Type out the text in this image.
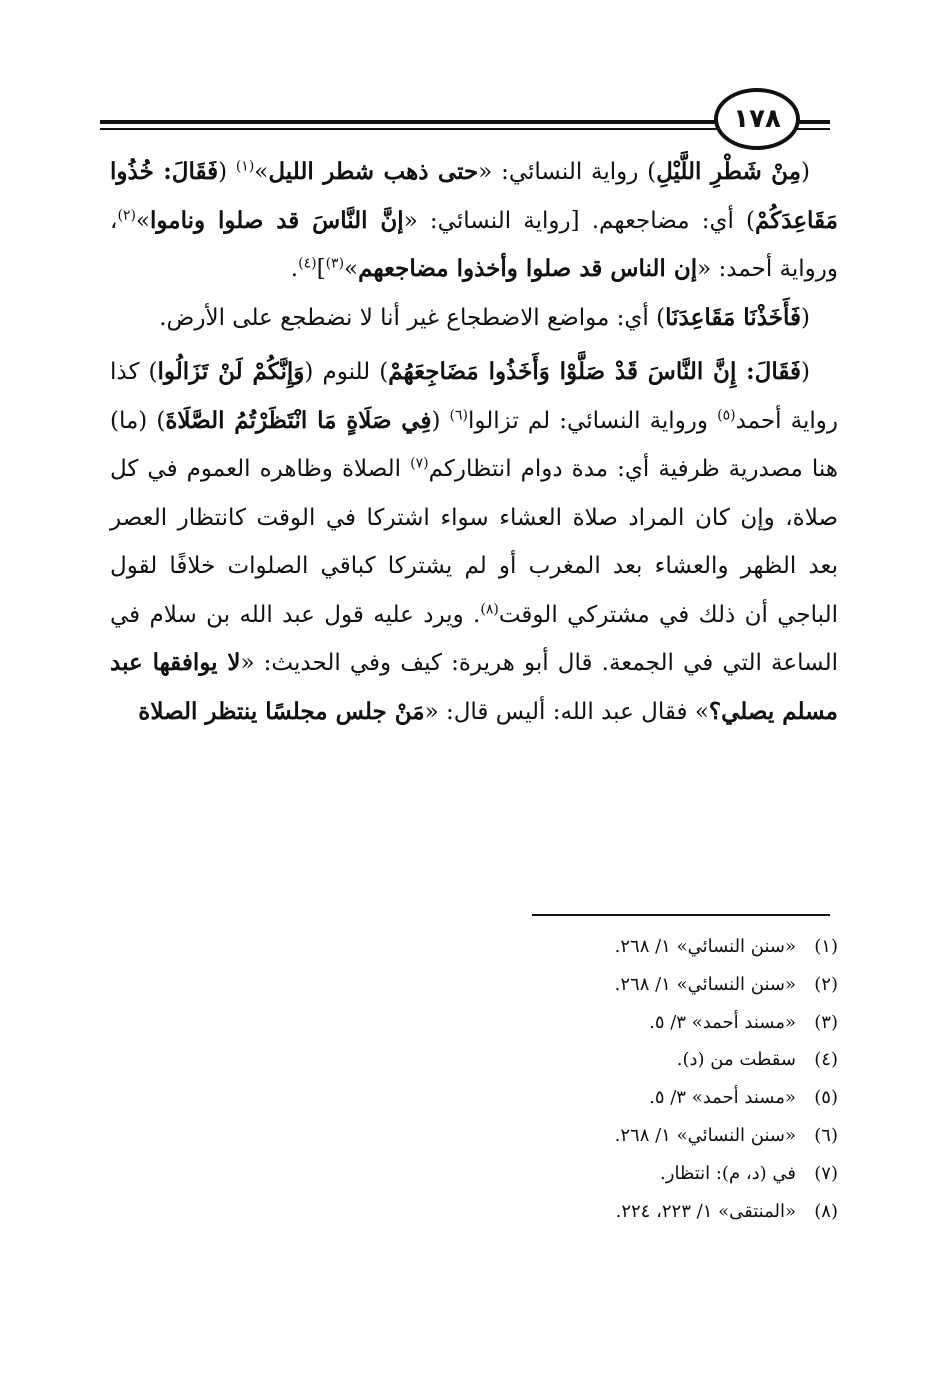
١٧٨

(مِنْ شَطْرِ اللَّيْلِ) رواية النسائي: «حتى ذهب شطر الليل»$^{(١)}$ (فَقَالَ: خُذُوا مَقَاعِدَكُمْ) أي: مضاجعهم. [رواية النسائي: «إنَّ النَّاسَ قد صلوا وناموا»$^{(٢)}$، ورواية أحمد: «إن الناس قد صلوا وأخذوا مضاجعهم»$^{(٣)}$]$^{(٤)}$.

(فَأَخَذْنَا مَقَاعِدَنَا) أي: مواضع الاضطجاع غير أنا لا نضطجع على الأرض.

(فَقَالَ: إِنَّ النَّاسَ قَدْ صَلَّوْا وَأَخَذُوا مَضَاجِعَهُمْ) للنوم (وَإِنَّكُمْ لَنْ تَزَالُوا) كذا رواية أحمد$^{(٥)}$ ورواية النسائي: لم تزالوا$^{(٦)}$ (فِي صَلَاةٍ مَا انْتَظَرْتُمُ الصَّلَاةَ) (ما) هنا مصدرية ظرفية أي: مدة دوام انتظاركم$^{(٧)}$ الصلاة وظاهره العموم في كل صلاة، وإن كان المراد صلاة العشاء سواء اشتركا في الوقت كانتظار العصر بعد الظهر والعشاء بعد المغرب أو لم يشتركا كباقي الصلوات خلافًا لقول الباجي أن ذلك في مشتركي الوقت$^{(٨)}$. ويرد عليه قول عبد الله بن سلام في الساعة التي في الجمعة. قال أبو هريرة: كيف وفي الحديث: «لا يوافقها عبد مسلم يصلي؟» فقال عبد الله: أليس قال: «مَنْ جلس مجلسًا ينتظر الصلاة

(١)
«سنن النسائي» ١/ ٢٦٨.
(٢)
«سنن النسائي» ١/ ٢٦٨.
(٣)
«مسند أحمد» ٣/ ٥.
(٤)
سقطت من (د).
(٥)
«مسند أحمد» ٣/ ٥.
(٦)
«سنن النسائي» ١/ ٢٦٨.
(٧)
في (د، م): انتظار.
(٨)
«المنتقى» ١/ ٢٢٣، ٢٢٤.
